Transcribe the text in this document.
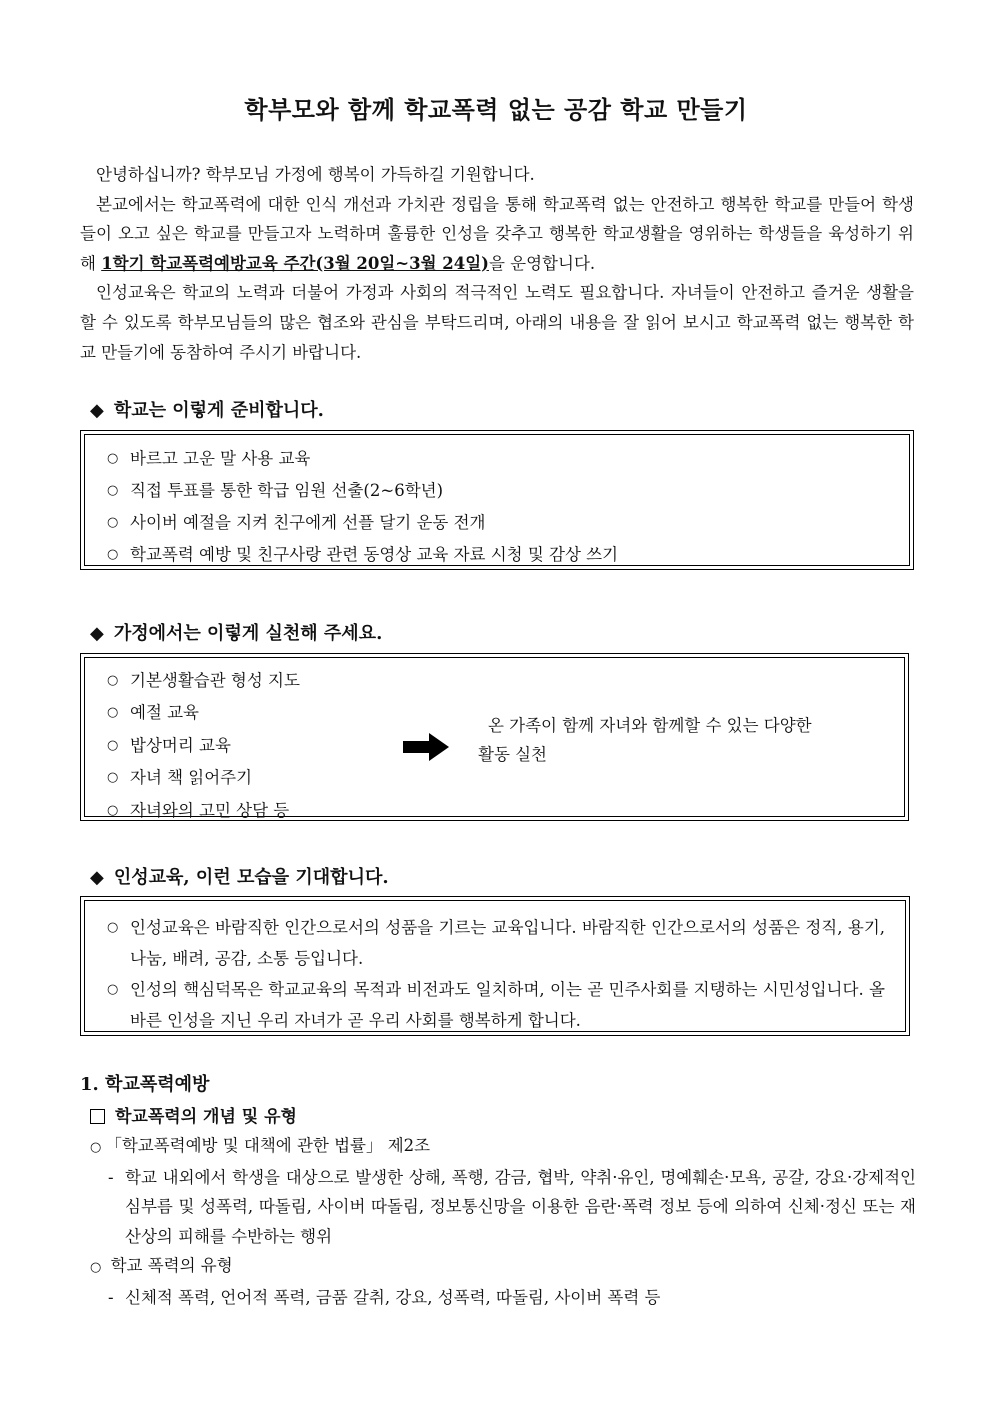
학부모와 함께 학교폭력 없는 공감 학교 만들기

안녕하십니까? 학부모님 가정에 행복이 가득하길 기원합니다.

본교에서는 학교폭력에 대한 인식 개선과 가치관 정립을 통해 학교폭력 없는 안전하고 행복한 학교를 만들어 학생들이 오고 싶은 학교를 만들고자 노력하며 훌륭한 인성을 갖추고 행복한 학교생활을 영위하는 학생들을 육성하기 위해 1학기 학교폭력예방교육 주간(3월 20일~3월 24일)을 운영합니다.

인성교육은 학교의 노력과 더불어 가정과 사회의 적극적인 노력도 필요합니다. 자녀들이 안전하고 즐거운 생활을 할 수 있도록 학부모님들의 많은 협조와 관심을 부탁드리며, 아래의 내용을 잘 읽어 보시고 학교폭력 없는 행복한 학교 만들기에 동참하여 주시기 바랍니다.

◆ 학교는 이렇게 준비합니다.
○ 바르고 고운 말 사용 교육
○ 직접 투표를 통한 학급 임원 선출(2~6학년)
○ 사이버 예절을 지켜 친구에게 선플 달기 운동 전개
○ 학교폭력 예방 및 친구사랑 관련 동영상 교육 자료 시청 및 감상 쓰기
◆ 가정에서는 이렇게 실천해 주세요.
○ 기본생활습관 형성 지도
○ 예절 교육
○ 밥상머리 교육
○ 자녀 책 읽어주기
○ 자녀와의 고민 상담 등
온 가족이 함께 자녀와 함께할 수 있는 다양한
활동 실천
◆ 인성교육, 이런 모습을 기대합니다.
○ 인성교육은 바람직한 인간으로서의 성품을 기르는 교육입니다. 바람직한 인간으로서의 성품은 정직, 용기, 나눔, 배려, 공감, 소통 등입니다.
○ 인성의 핵심덕목은 학교교육의 목적과 비전과도 일치하며, 이는 곧 민주사회를 지탱하는 시민성입니다. 올바른 인성을 지닌 우리 자녀가 곧 우리 사회를 행복하게 합니다.
1. 학교폭력예방
학교폭력의 개념 및 유형
○ 「학교폭력예방 및 대책에 관한 법률」 제2조
- 학교 내외에서 학생을 대상으로 발생한 상해, 폭행, 감금, 협박, 약취·유인, 명예훼손·모욕, 공갈, 강요·강제적인 심부름 및 성폭력, 따돌림, 사이버 따돌림, 정보통신망을 이용한 음란·폭력 정보 등에 의하여 신체·정신 또는 재산상의 피해를 수반하는 행위
○ 학교 폭력의 유형
- 신체적 폭력, 언어적 폭력, 금품 갈취, 강요, 성폭력, 따돌림, 사이버 폭력 등
